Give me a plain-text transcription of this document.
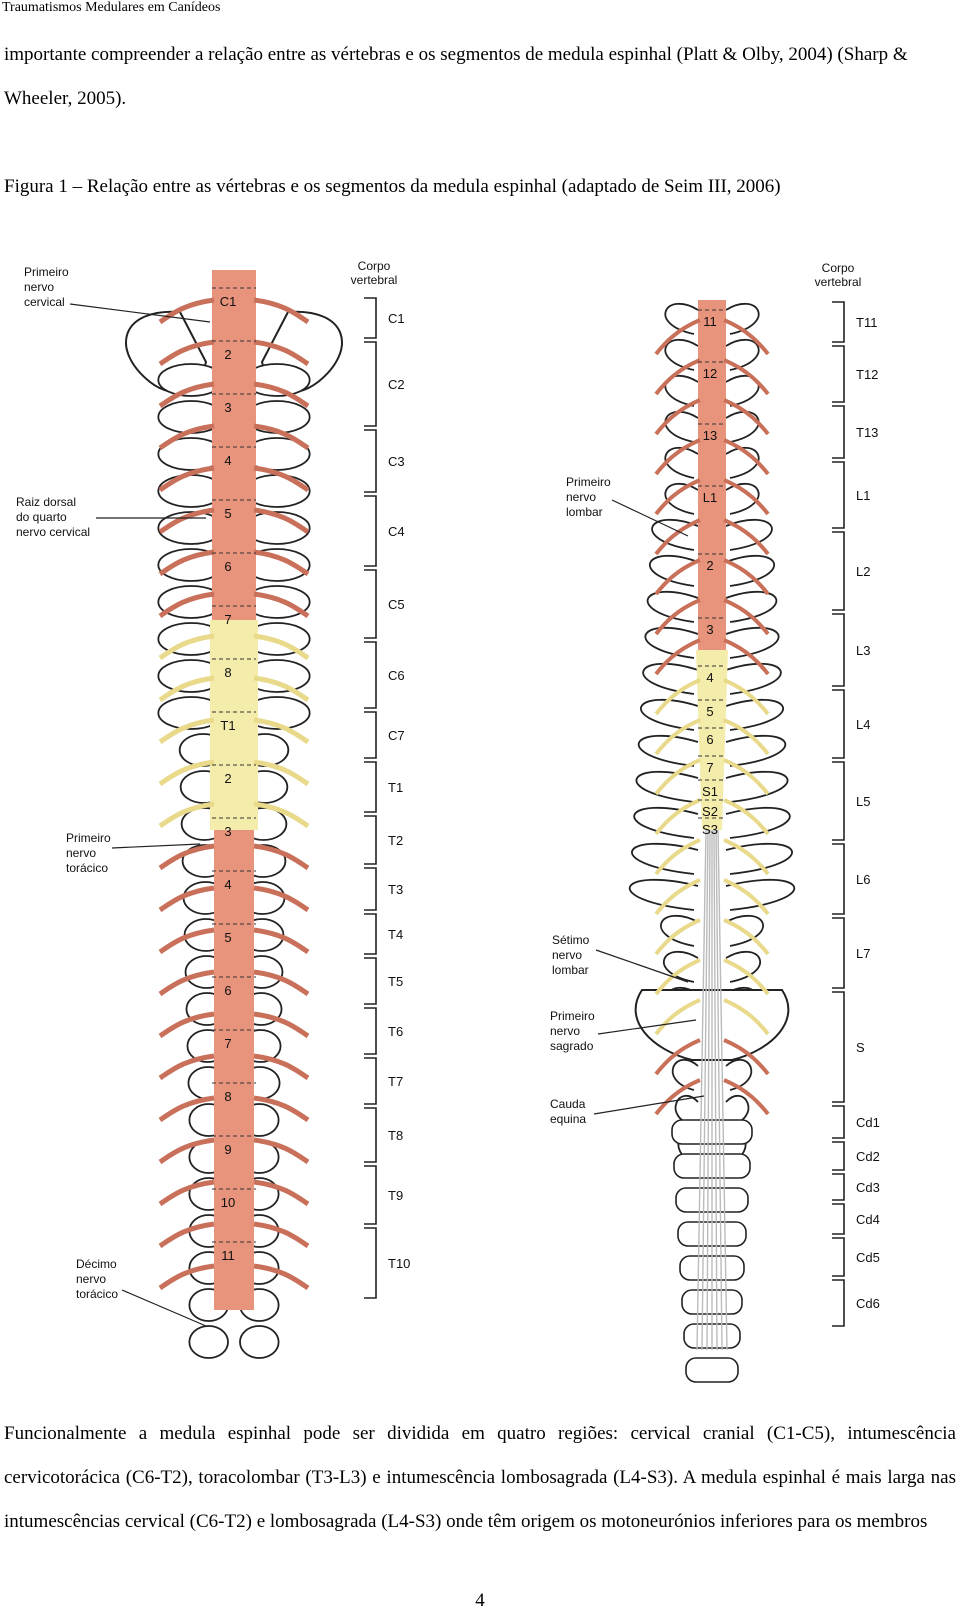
Traumatismos Medulares em Canídeos

importante compreender a relação entre as vértebras e os segmentos de medula espinhal (Platt & Olby, 2004) (Sharp & Wheeler, 2005).

Figura 1 – Relação entre as vértebras e os segmentos da medula espinhal (adaptado de Seim III, 2006)

C1
2
3
4
5
6
7
8
T1
2
3
4
5
6
7
8
9
10
11
11
12
13
L1
2
3
4
5
6
7
S1
S2
S3
Corpo
vertebral
C1
C2
C3
C4
C5
C6
C7
T1
T2
T3
T4
T5
T6
T7
T8
T9
T10
Corpo
vertebral
T11
T12
T13
L1
L2
L3
L4
L5
L6
L7
S
Cd1
Cd2
Cd3
Cd4
Cd5
Cd6
Primeiro
nervo
cervical
Raiz dorsal
do quarto
nervo cervical
Primeiro
nervo
torácico
Décimo
nervo
torácico
Primeiro
nervo
lombar
Sétimo
nervo
lombar
Primeiro
nervo
sagrado
Cauda
equina

Funcionalmente a medula espinhal pode ser dividida em quatro regiões: cervical cranial (C1-C5), intumescência cervicotorácica (C6-T2), toracolombar (T3-L3) e intumescência lombosagrada (L4-S3). A medula espinhal é mais larga nas intumescências cervical (C6-T2) e lombosagrada (L4-S3) onde têm origem os motoneurónios inferiores para os membros

4
